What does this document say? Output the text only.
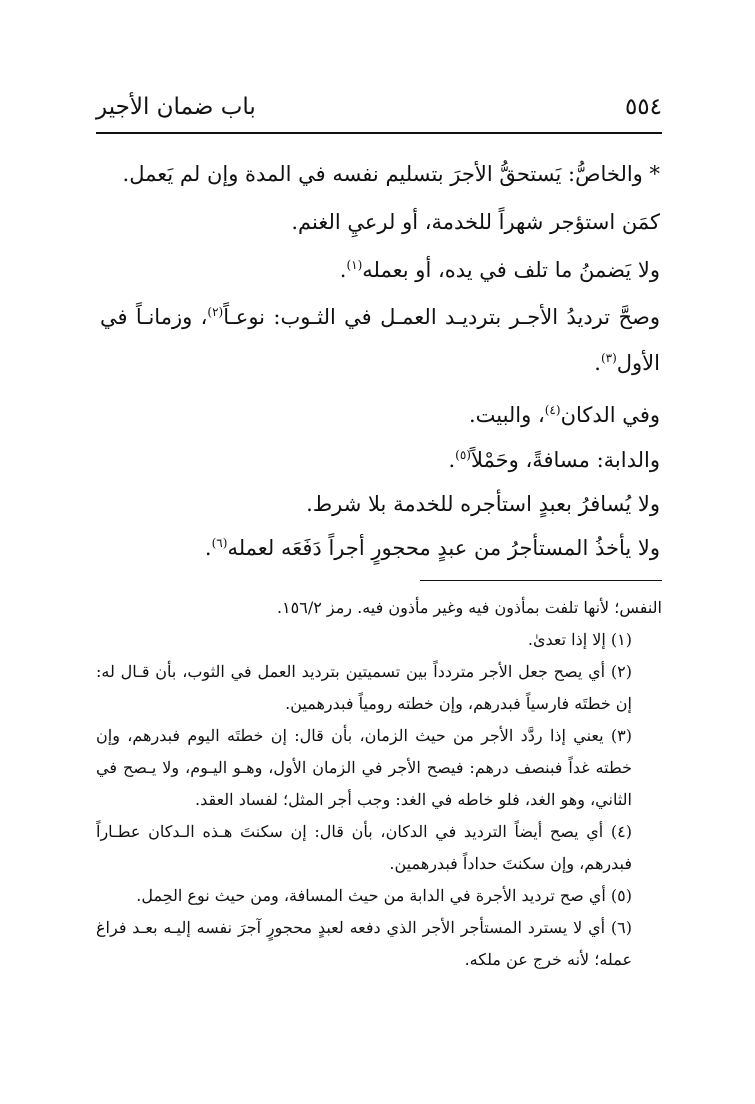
٥٥٤
باب ضمان الأجير

* والخاصُّ: يَستحقُّ الأجرَ بتسليم نفسه في المدة وإن لم يَعمل.

كمَن استؤجر شهراً للخدمة، أو لرعيِ الغنم.

ولا يَضمنُ ما تلف في يده، أو بعمله$^{(١)}$.

وصحَّ ترديدُ الأجـر بترديـد العمـل في الثـوب: نوعـاً$^{(٢)}$، وزمانـاً في الأول$^{(٣)}$.

وفي الدكان$^{(٤)}$، والبيت.

والدابة: مسافةً، وحَمْلاً$^{(٥)}$.

ولا يُسافرُ بعبدٍ استأجره للخدمة بلا شرط.

ولا يأخذُ المستأجرُ من عبدٍ محجورٍ أجراً دَفَعَه لعمله$^{(٦)}$.

النفس؛ لأنها تلفت بمأذون فيه وغير مأذون فيه. رمز ١٥٦/٢.

(١) إلا إذا تعدىٰ.

(٢) أي يصح جعل الأجر متردداً بين تسميتين بترديد العمل في الثوب، بأن قـال له: إن خطتَه فارسياً فبدرهم، وإن خطته رومياً فبدرهمين.

(٣) يعني إذا ردَّد الأجر من حيث الزمان، بأن قال: إن خطتَه اليوم فبدرهم، وإن خطته غداً فبنصف درهم: فيصح الأجر في الزمان الأول، وهـو اليـوم، ولا يـصح في الثاني، وهو الغد، فلو خاطه في الغد: وجب أجر المثل؛ لفساد العقد.

(٤) أي يصح أيضاً الترديد في الدكان، بأن قال: إن سكنتَ هـذه الـدكان عطـاراً فبدرهم، وإن سكنتَ حداداً فبدرهمين.

(٥) أي صح ترديد الأجرة في الدابة من حيث المسافة، ومن حيث نوع الحِمل.

(٦) أي لا يسترد المستأجر الأجر الذي دفعه لعبدٍ محجورٍ آجرَ نفسه إليـه بعـد فراغ عمله؛ لأنه خرج عن ملكه.
